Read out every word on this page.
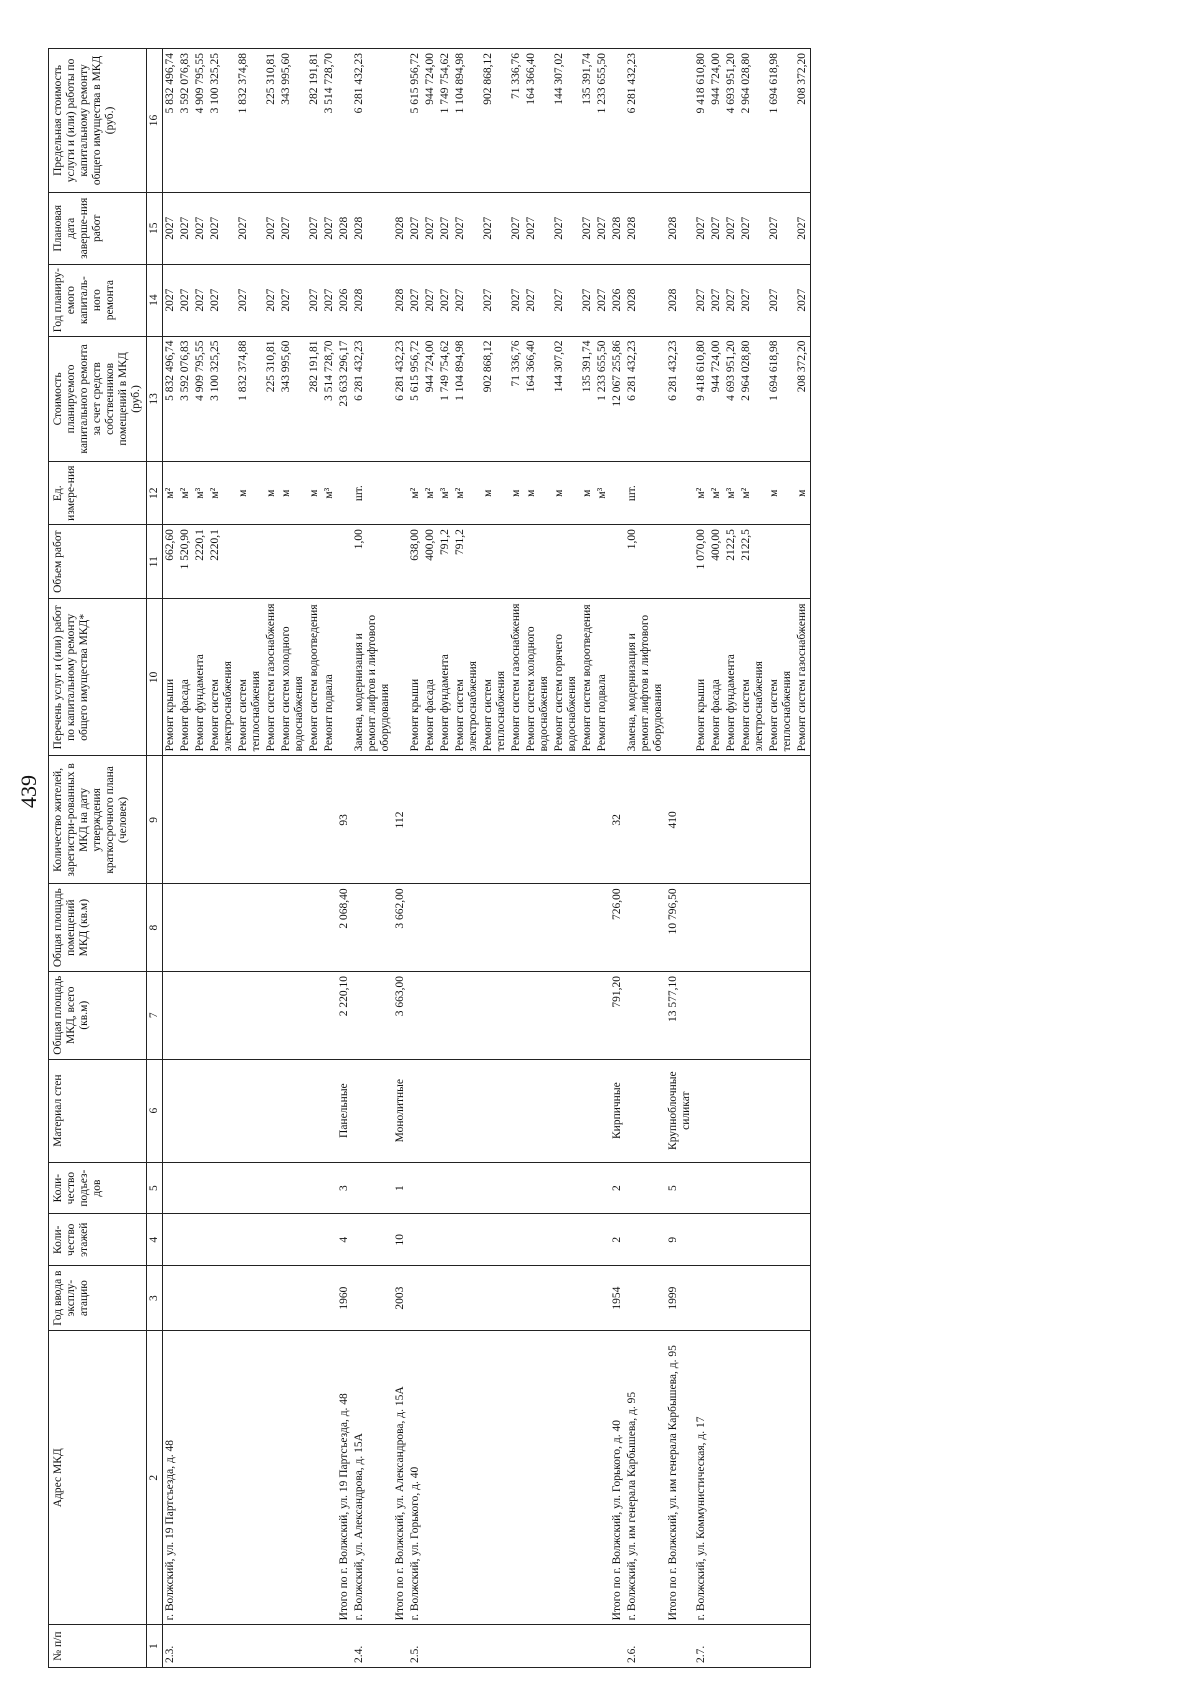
439
№ п/п	Адрес МКД	Год ввода в эксплу-атацию	Коли-чество этажей	Коли-чество подъез-дов	Материал стен	Общая площадь МКД, всего (кв.м)	Общая площадь помещений МКД (кв.м)	Количество жителей, зарегистри-рованных в МКД на дату утверждения краткосрочного плана (человек)	Перечень услуг и (или) работ по капитальному ремонту общего имущества МКД*	Объем работ	Ед. измере-ния	Стоимость планируемого капитального ремонта за счет средств собственников помещений в МКД (руб.)	Год планиру-емого капиталь-ного ремонта	Плановая дата заверше-ния работ	Предельная стоимость услуги и (или) работы по капитальному ремонту общего имущества в МКД (руб.)
1	2	3	4	5	6	7	8	9	10	11	12	13	14	15	16
2.3.	г. Волжский, ул. 19 Партсъезда, д. 48								Ремонт крыши	662,60	м²	5 832 496,74	2027	2027	5 832 496,74
									Ремонт фасада	1 520,90	м²	3 592 076,83	2027	2027	3 592 076,83
									Ремонт фундамента	2220,1	м³	4 909 795,55	2027	2027	4 909 795,55
									Ремонт систем электроснабжения	2220,1	м²	3 100 325,25	2027	2027	3 100 325,25
									Ремонт систем теплоснабжения		м	1 832 374,88	2027	2027	1 832 374,88
									Ремонт систем газоснабжения		м	225 310,81	2027	2027	225 310,81
									Ремонт систем холодного водоснабжения		м	343 995,60	2027	2027	343 995,60
									Ремонт систем водоотведения		м	282 191,81	2027	2027	282 191,81
									Ремонт подвала		м³	3 514 728,70	2027	2027	3 514 728,70
	Итого по г. Волжский, ул. 19 Партсъезда, д. 48	1960	4	3	Панельные	2 220,10	2 068,40	93				23 633 296,17	2026	2028	
2.4.	г. Волжский, ул. Александрова, д. 15А								Замена, модернизация и ремонт лифтов и лифтового оборудования	1,00	шт.	6 281 432,23	2028	2028	6 281 432,23
	Итого по г. Волжский, ул. Александрова, д. 15А	2003	10	1	Монолитные	3 663,00	3 662,00	112				6 281 432,23	2028	2028	
2.5.	г. Волжский, ул. Горького, д. 40								Ремонт крыши	638,00	м²	5 615 956,72	2027	2027	5 615 956,72
									Ремонт фасада	400,00	м²	944 724,00	2027	2027	944 724,00
									Ремонт фундамента	791,2	м³	1 749 754,62	2027	2027	1 749 754,62
									Ремонт систем электроснабжения	791,2	м²	1 104 894,98	2027	2027	1 104 894,98
									Ремонт систем теплоснабжения		м	902 868,12	2027	2027	902 868,12
									Ремонт систем газоснабжения		м	71 336,76	2027	2027	71 336,76
									Ремонт систем холодного водоснабжения		м	164 366,40	2027	2027	164 366,40
									Ремонт систем горячего водоснабжения		м	144 307,02	2027	2027	144 307,02
									Ремонт систем водоотведения		м	135 391,74	2027	2027	135 391,74
									Ремонт подвала		м³	1 233 655,50	2027	2027	1 233 655,50
	Итого по г. Волжский, ул. Горького, д. 40	1954	2	2	Кирпичные	791,20	726,00	32				12 067 255,86	2026	2028	
2.6.	г. Волжский, ул. им генерала Карбышева, д. 95								Замена, модернизация и ремонт лифтов и лифтового оборудования	1,00	шт.	6 281 432,23	2028	2028	6 281 432,23
	Итого по г. Волжский, ул. им генерала Карбышева, д. 95	1999	9	5	Крупноблочные силикат	13 577,10	10 796,50	410				6 281 432,23	2028	2028	
2.7.	г. Волжский, ул. Коммунистическая, д. 17								Ремонт крыши	1 070,00	м²	9 418 610,80	2027	2027	9 418 610,80
									Ремонт фасада	400,00	м²	944 724,00	2027	2027	944 724,00
									Ремонт фундамента	2122,5	м³	4 693 951,20	2027	2027	4 693 951,20
									Ремонт систем электроснабжения	2122,5	м²	2 964 028,80	2027	2027	2 964 028,80
									Ремонт систем теплоснабжения		м	1 694 618,98	2027	2027	1 694 618,98
									Ремонт систем газоснабжения		м	208 372,20	2027	2027	208 372,20
